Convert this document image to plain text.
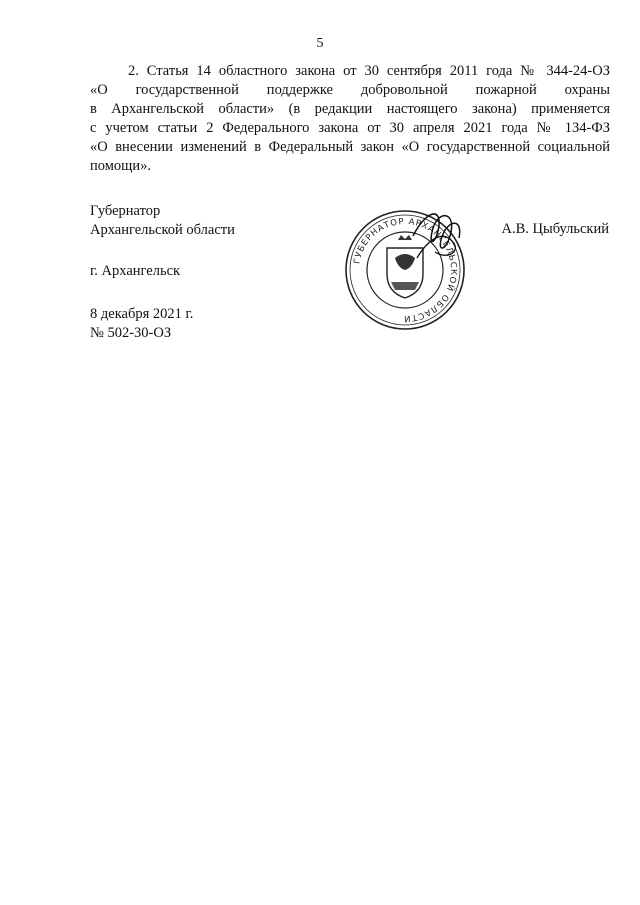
5
2. Статья 14 областного закона от 30 сентября 2011 года № 344-24-ОЗ
«О государственной поддержке добровольной пожарной охраны
в Архангельской области» (в редакции настоящего закона) применяется
с учетом статьи 2 Федерального закона от 30 апреля 2021 года № 134-ФЗ
«О внесении изменений в Федеральный закон «О государственной социальной
помощи».
Губернатор
Архангельской области	А.В. Цыбульский
ГУБЕРНАТОР АРХАНГЕЛЬСКОЙ ОБЛАСТИ
г. Архангельск
8 декабря 2021 г.
№ 502-30-ОЗ
